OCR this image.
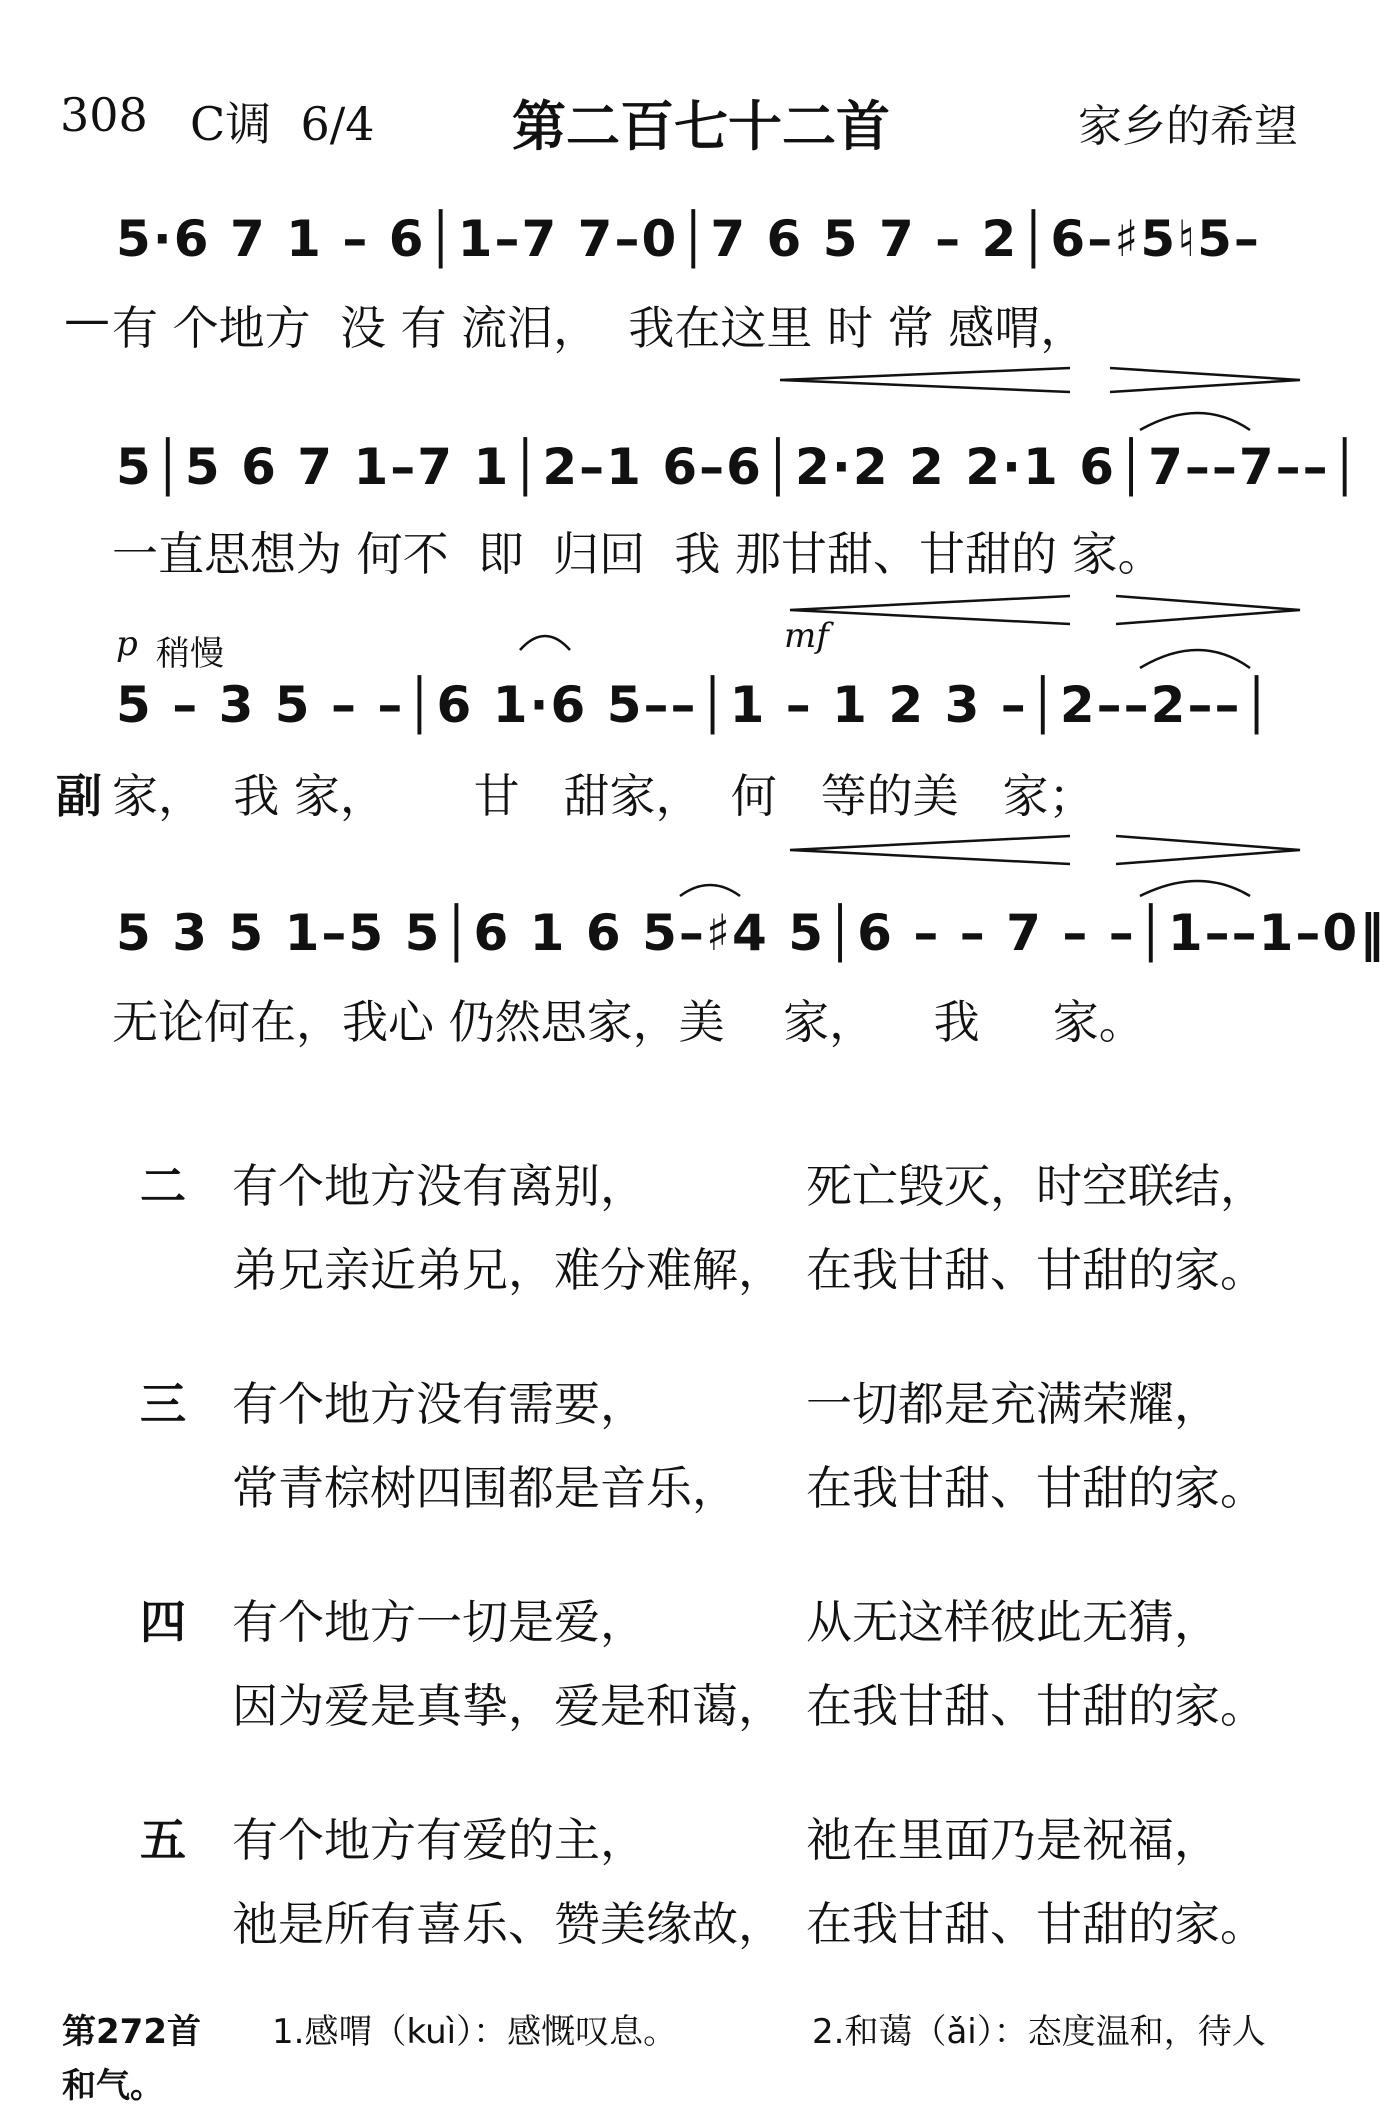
308 C调  6/4	第二百七十二首	家乡的希望
5·6 7 1 – 6│1–7 7–0│7 6 5 7 – 2│6–♯5♮5–
— 有 个地方  没 有 流泪，  我在这里 时 常 感喟，
5│5 6 7 1–7 1│2–1 6–6│2·2 2 2·1 6│7––7––│
一直思想为 何不  即  归回  我 那甘甜、甘甜的 家。
p 稍慢	mf
5 – 3 5 – –│6 1·6 5––│1 – 1 2 3 –│2––2––│
副 家，  我 家，      甘   甜家，  何   等的美   家；
5 3 5 1–5 5│6 1 6 5–♯4 5│6 – – 7 – –│1––1–0‖
无论何在，我心 仍然思家，美    家，    我     家。
二 有个地方没有离别，	死亡毁灭，时空联结，
弟兄亲近弟兄，难分难解， 在我甘甜、甘甜的家。
三 有个地方没有需要，	一切都是充满荣耀，
常青棕树四围都是音乐， 在我甘甜、甘甜的家。
四 有个地方一切是爱，	从无这样彼此无猜，
因为爱是真挚，爱是和蔼， 在我甘甜、甘甜的家。
五 有个地方有爱的主，	祂在里面乃是祝福，
祂是所有喜乐、赞美缘故， 在我甘甜、甘甜的家。
第272首 1.感喟（kuì）：感慨叹息。	2.和蔼（ǎi）：态度温和，待人
和气。
